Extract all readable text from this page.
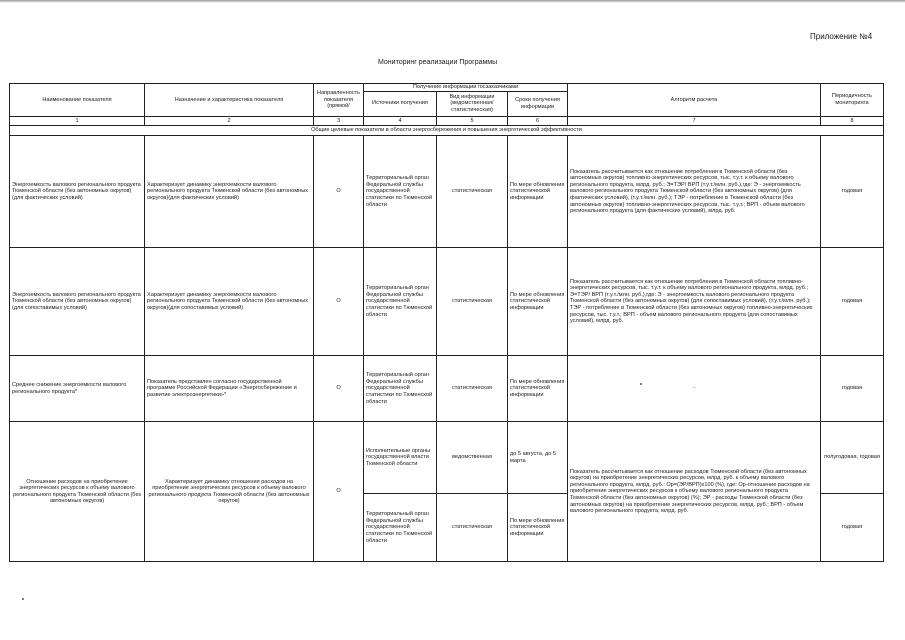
Приложение №4
Мониторинг реализации Программы
Наименование показателя	Назначение и характеристика показателя	Направленность показателя (прямой/	Получение информации госзаказчиками			Алгоритм расчета	Периодичность мониторинга
			Источники получения	Вид информации (ведомственная/ статистическая)	Сроки получения информации		
1	2	3	4	5	6	7	8
Общие целевые показатели в области энергосбережения и повышения энергетической эффективности							
Энергоемкость валового регионального продукта Тюменской области (без автономных округов)(для фактических условий)	Характеризует динамику энергоемкости валового регионального продукта Тюменской области (без автономных округов)(для фактических условий)	О	Территориальный орган Федеральной службы государственной статистики по Тюменской области	статистическая	По мере обновления статистической информации	Показатель рассчитывается как отношение потребления в Тюменской области (без автономных округов) топливно-энергетических ресурсов, тыс. т.у.т. к объему валового регионального продукта, млрд. руб.; Э=ТЭР/ ВРП (т.у.т./млн. руб.),где: Э - энергоемкость валового регионального продукта Тюменской области (без автономных округов) (для фактических условий), (т.у.т./млн. руб.); ТЭР - потребление в Тюменской области (без автономных округов) топливно-энергетических ресурсов, тыс. т.у.т.; ВРП - объем валового регионального продукта (для фактических условий), млрд. руб.	годовая
Энергоемкость валового регионального продукта Тюменской области (без автономных округов) (для сопоставимых условий)	Характеризует динамику энергоемкости валового регионального продукта Тюменской области (без автономных округов)(для сопоставимых условий)	О	Территориальный орган Федеральной службы государственной статистики по Тюменской области	статистическая	По мере обновления статистической информации	Показатель рассчитывается как отношение потребления в Тюменской области топливно-энергетических ресурсов, тыс. т.у.т. к объему валового регионального продукта, млрд. руб.; Э=ТЭР/ ВРП (т.у.т./млн. руб.),где: Э - энергоемкость валового регионального продукта Тюменской области (без автономных округов) (для сопоставимых условий), (т.у.т./млн. руб.); ТЭР - потребление в Тюменской области (без автономных округов) топливно-энергетических ресурсов, тыс. т.у.т.; ВРП - объем валового регионального продукта (для сопоставимых условий), млрд. руб.	годовая
Среднее снижение энергоемкости валового регионального продукта*	Показатель представлен согласно государственной программе Российской Федерации «Энергосбережение и развитие электроэнергетики»*	О	Территориальный орган Федеральной службы государственной статистики по Тюменской области	статистическая	По мере обновления статистической информации	-	годовая
Отношение расходов на приобретение энергетических ресурсов к объему валового регионального продукта Тюменской области (без автономных округов)	Характеризует динамику отношения расходов на приобретение энергетических ресурсов к объему валового регионального продукта Тюменской области (без автономных округов)	О	Исполнительные органы государственной власти Тюменской области	ведомственная	до 5 августа, до 5 марта	Показатель рассчитывается как отношение расходов Тюменской области (без автономных округов) на приобретение энергетических ресурсов, млрд. руб. к объему валового регионального продукта, млрд. руб.: Ор=(ЭР/ВРП)х100 (%), где: Ор-отношение расходов на приобретение энергетических ресурсов к объему валового регионального продукта Тюменской области (без автономных округов) (%); ЭР - расходы Тюменской области (без автономных округов) на приобретение энергетических ресурсов, млрд. руб.; ВРП - объем валового регионального продукта, млрд. руб.	полугодовая, годовая
			Территориальный орган Федеральной службы государственной статистики по Тюменской области	статистическая	По мере обновления статистической информации		годовая
